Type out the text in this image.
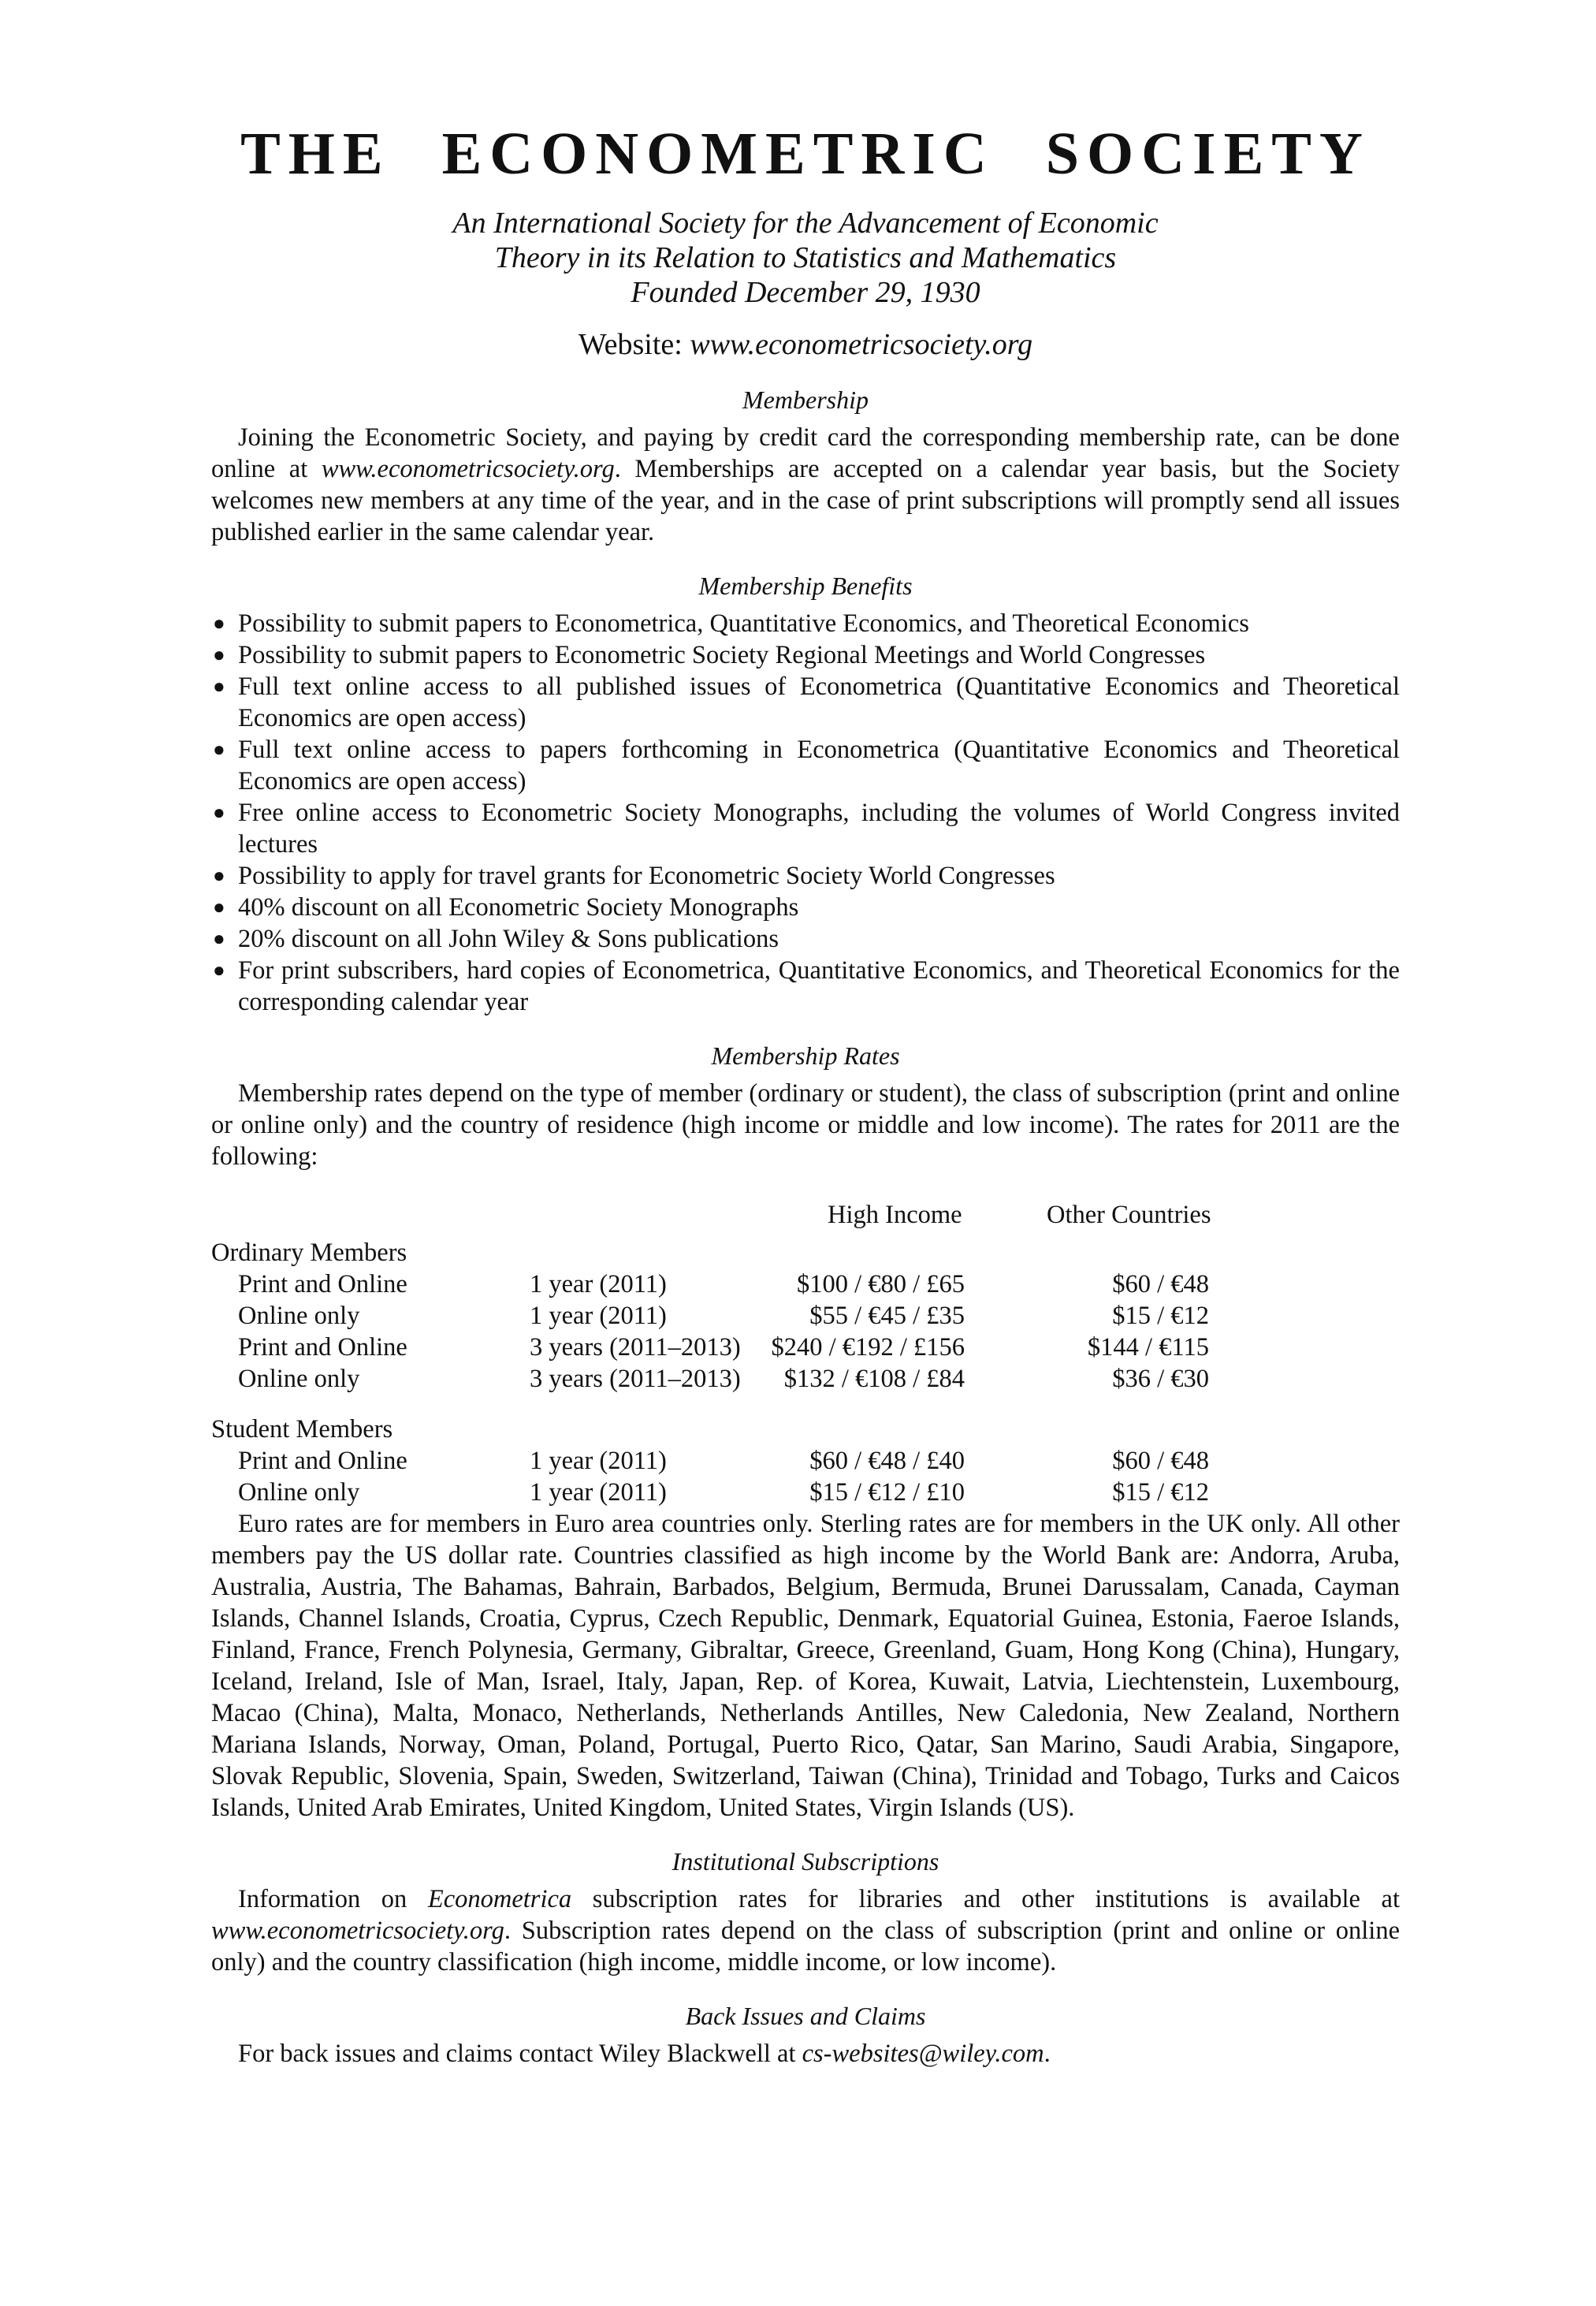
THE ECONOMETRIC SOCIETY
An International Society for the Advancement of Economic
Theory in its Relation to Statistics and Mathematics
Founded December 29, 1930
Website: www.econometricsociety.org
Membership

Joining the Econometric Society, and paying by credit card the corresponding membership rate, can be done online at www.econometricsociety.org. Memberships are accepted on a calendar year basis, but the Society welcomes new members at any time of the year, and in the case of print subscriptions will promptly send all issues published earlier in the same calendar year.

Membership Benefits
● Possibility to submit papers to Econometrica, Quantitative Economics, and Theoretical Economics
● Possibility to submit papers to Econometric Society Regional Meetings and World Congresses
● Full text online access to all published issues of Econometrica (Quantitative Economics and Theoretical Economics are open access)
● Full text online access to papers forthcoming in Econometrica (Quantitative Economics and Theoretical Economics are open access)
● Free online access to Econometric Society Monographs, including the volumes of World Congress invited lectures
● Possibility to apply for travel grants for Econometric Society World Congresses
● 40% discount on all Econometric Society Monographs
● 20% discount on all John Wiley & Sons publications
● For print subscribers, hard copies of Econometrica, Quantitative Economics, and Theoretical Economics for the corresponding calendar year
Membership Rates

Membership rates depend on the type of member (ordinary or student), the class of subscription (print and online or online only) and the country of residence (high income or middle and low income). The rates for 2011 are the following:

High Income	Other Countries
Ordinary Members
Print and Online	1 year (2011)	$100 / €80 / £65	$60 / €48
Online only	1 year (2011)	$55 / €45 / £35	$15 / €12
Print and Online	3 years (2011–2013) $240 / €192 / £156	$144 / €115
Online only	3 years (2011–2013) $132 / €108 / £84	$36 / €30
Student Members
Print and Online	1 year (2011)	$60 / €48 / £40	$60 / €48
Online only	1 year (2011)	$15 / €12 / £10	$15 / €12

Euro rates are for members in Euro area countries only. Sterling rates are for members in the UK only. All other members pay the US dollar rate. Countries classified as high income by the World Bank are: Andorra, Aruba, Australia, Austria, The Bahamas, Bahrain, Barbados, Belgium, Bermuda, Brunei Darussalam, Canada, Cayman Islands, Channel Islands, Croatia, Cyprus, Czech Republic, Denmark, Equatorial Guinea, Estonia, Faeroe Islands, Finland, France, French Polynesia, Germany, Gibraltar, Greece, Greenland, Guam, Hong Kong (China), Hungary, Iceland, Ireland, Isle of Man, Israel, Italy, Japan, Rep. of Korea, Kuwait, Latvia, Liechtenstein, Luxembourg, Macao (China), Malta, Monaco, Netherlands, Netherlands Antilles, New Caledonia, New Zealand, Northern Mariana Islands, Norway, Oman, Poland, Portugal, Puerto Rico, Qatar, San Marino, Saudi Arabia, Singapore, Slovak Republic, Slovenia, Spain, Sweden, Switzerland, Taiwan (China), Trinidad and Tobago, Turks and Caicos Islands, United Arab Emirates, United Kingdom, United States, Virgin Islands (US).

Institutional Subscriptions

Information on Econometrica subscription rates for libraries and other institutions is available at www.econometricsociety.org. Subscription rates depend on the class of subscription (print and online or online only) and the country classification (high income, middle income, or low income).

Back Issues and Claims

For back issues and claims contact Wiley Blackwell at cs-websites@wiley.com.
